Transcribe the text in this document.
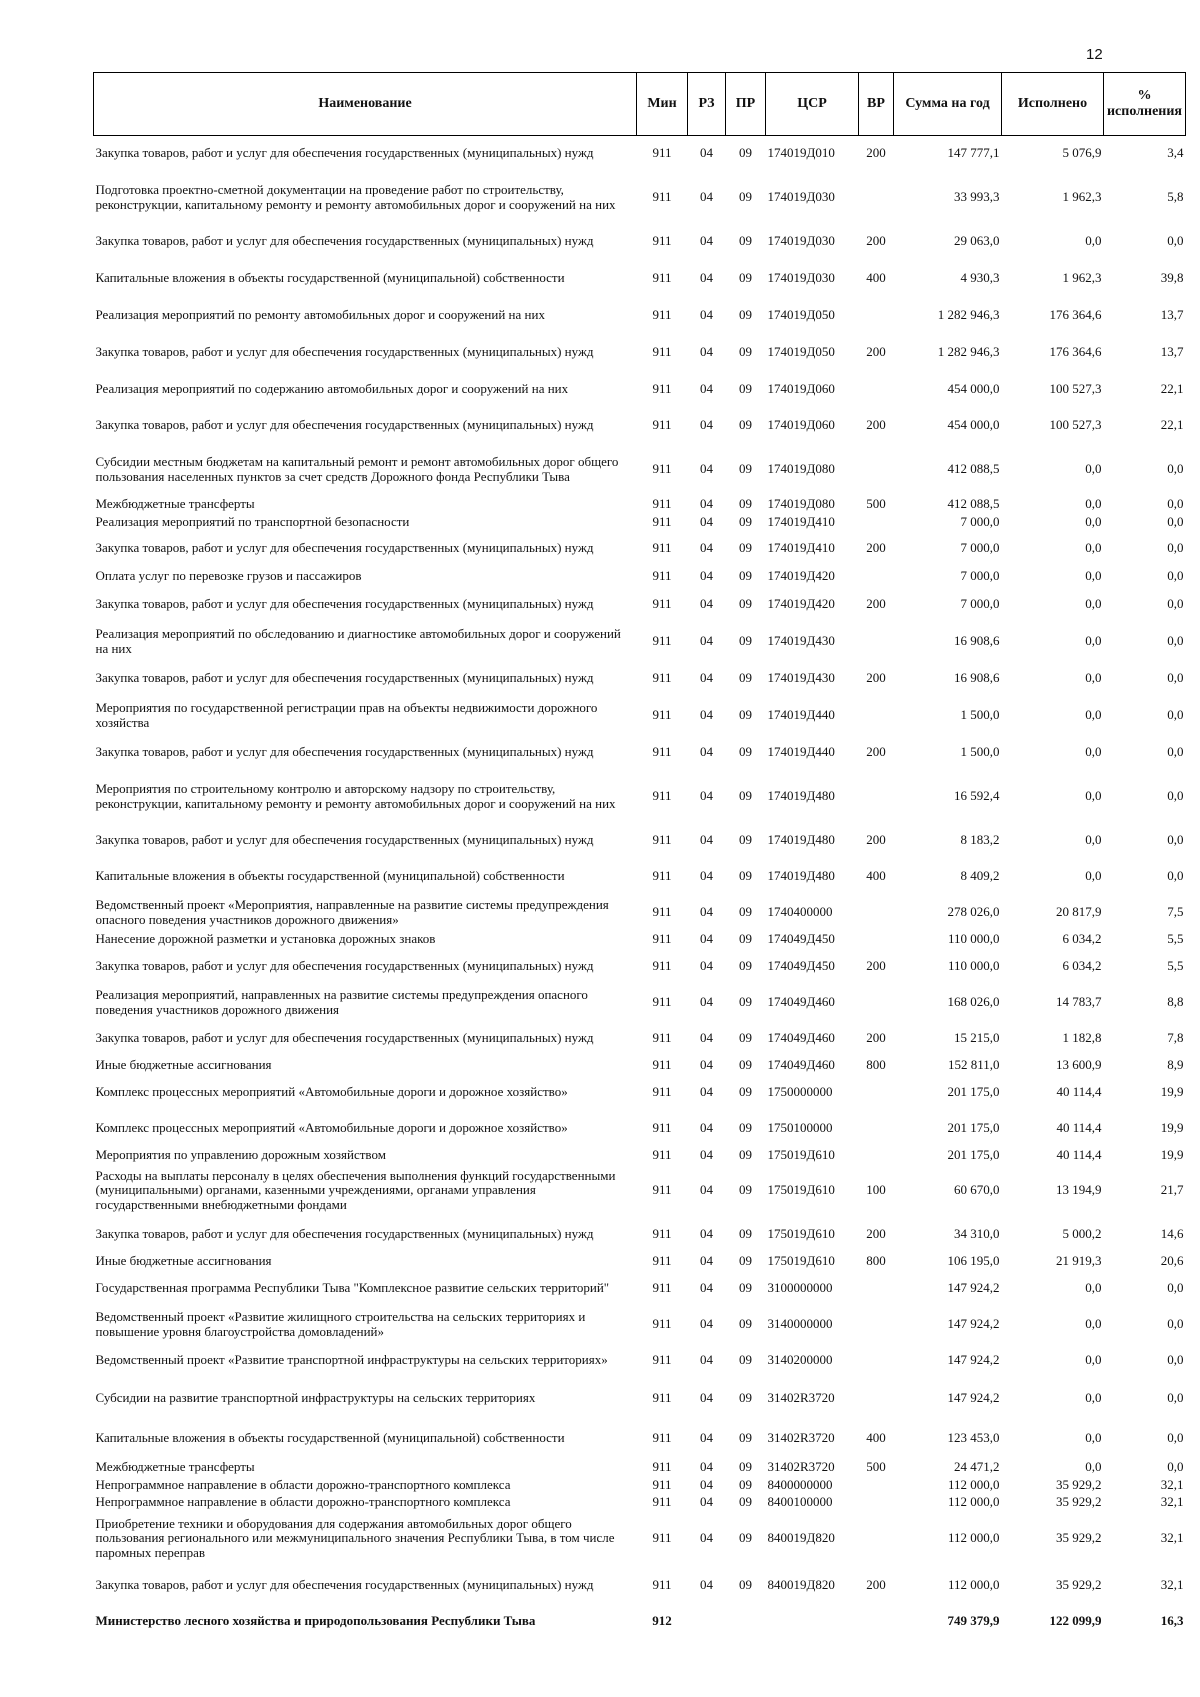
12
Наименование	Мин	РЗ	ПР	ЦСР	ВР	Сумма на год	Исполнено	% исполнения
Закупка товаров, работ и услуг для обеспечения государственных (муниципальных) нужд	911	04	09	174019Д010	200	147 777,1	5 076,9	3,4
Подготовка проектно-сметной документации на проведение работ по строительству, реконструкции, капитальному ремонту и ремонту автомобильных дорог и сооружений на них	911	04	09	174019Д030		33 993,3	1 962,3	5,8
Закупка товаров, работ и услуг для обеспечения государственных (муниципальных) нужд	911	04	09	174019Д030	200	29 063,0	0,0	0,0
Капитальные вложения в объекты государственной (муниципальной) собственности	911	04	09	174019Д030	400	4 930,3	1 962,3	39,8
Реализация мероприятий по ремонту автомобильных дорог и сооружений на них	911	04	09	174019Д050		1 282 946,3	176 364,6	13,7
Закупка товаров, работ и услуг для обеспечения государственных (муниципальных) нужд	911	04	09	174019Д050	200	1 282 946,3	176 364,6	13,7
Реализация мероприятий по содержанию автомобильных дорог и сооружений на них	911	04	09	174019Д060		454 000,0	100 527,3	22,1
Закупка товаров, работ и услуг для обеспечения государственных (муниципальных) нужд	911	04	09	174019Д060	200	454 000,0	100 527,3	22,1
Субсидии местным бюджетам на капитальный ремонт и ремонт автомобильных дорог общего пользования населенных пунктов за счет средств Дорожного фонда Республики Тыва	911	04	09	174019Д080		412 088,5	0,0	0,0
Межбюджетные трансферты	911	04	09	174019Д080	500	412 088,5	0,0	0,0
Реализация мероприятий по транспортной безопасности	911	04	09	174019Д410		7 000,0	0,0	0,0
Закупка товаров, работ и услуг для обеспечения государственных (муниципальных) нужд	911	04	09	174019Д410	200	7 000,0	0,0	0,0
Оплата услуг по перевозке грузов и пассажиров	911	04	09	174019Д420		7 000,0	0,0	0,0
Закупка товаров, работ и услуг для обеспечения государственных (муниципальных) нужд	911	04	09	174019Д420	200	7 000,0	0,0	0,0
Реализация мероприятий по обследованию и диагностике автомобильных дорог и сооружений на них	911	04	09	174019Д430		16 908,6	0,0	0,0
Закупка товаров, работ и услуг для обеспечения государственных (муниципальных) нужд	911	04	09	174019Д430	200	16 908,6	0,0	0,0
Мероприятия по государственной регистрации прав на объекты недвижимости дорожного хозяйства	911	04	09	174019Д440		1 500,0	0,0	0,0
Закупка товаров, работ и услуг для обеспечения государственных (муниципальных) нужд	911	04	09	174019Д440	200	1 500,0	0,0	0,0
Мероприятия по строительному контролю и авторскому надзору по строительству, реконструкции, капитальному ремонту и ремонту автомобильных дорог и сооружений на них	911	04	09	174019Д480		16 592,4	0,0	0,0
Закупка товаров, работ и услуг для обеспечения государственных (муниципальных) нужд	911	04	09	174019Д480	200	8 183,2	0,0	0,0
Капитальные вложения в объекты государственной (муниципальной) собственности	911	04	09	174019Д480	400	8 409,2	0,0	0,0
Ведомственный проект «Мероприятия, направленные на развитие системы предупреждения опасного поведения участников дорожного движения»	911	04	09	1740400000		278 026,0	20 817,9	7,5
Нанесение дорожной разметки и установка дорожных знаков	911	04	09	174049Д450		110 000,0	6 034,2	5,5
Закупка товаров, работ и услуг для обеспечения государственных (муниципальных) нужд	911	04	09	174049Д450	200	110 000,0	6 034,2	5,5
Реализация мероприятий, направленных на развитие системы предупреждения опасного поведения участников дорожного движения	911	04	09	174049Д460		168 026,0	14 783,7	8,8
Закупка товаров, работ и услуг для обеспечения государственных (муниципальных) нужд	911	04	09	174049Д460	200	15 215,0	1 182,8	7,8
Иные бюджетные ассигнования	911	04	09	174049Д460	800	152 811,0	13 600,9	8,9
Комплекс процессных мероприятий «Автомобильные дороги и дорожное хозяйство»	911	04	09	1750000000		201 175,0	40 114,4	19,9
Комплекс процессных мероприятий «Автомобильные дороги и дорожное хозяйство»	911	04	09	1750100000		201 175,0	40 114,4	19,9
Мероприятия по управлению дорожным хозяйством	911	04	09	175019Д610		201 175,0	40 114,4	19,9
Расходы на выплаты персоналу в целях обеспечения выполнения функций государственными (муниципальными) органами, казенными учреждениями, органами управления государственными внебюджетными фондами	911	04	09	175019Д610	100	60 670,0	13 194,9	21,7
Закупка товаров, работ и услуг для обеспечения государственных (муниципальных) нужд	911	04	09	175019Д610	200	34 310,0	5 000,2	14,6
Иные бюджетные ассигнования	911	04	09	175019Д610	800	106 195,0	21 919,3	20,6
Государственная программа Республики Тыва "Комплексное развитие сельских территорий"	911	04	09	3100000000		147 924,2	0,0	0,0
Ведомственный проект «Развитие жилищного строительства на сельских территориях и повышение уровня благоустройства домовладений»	911	04	09	3140000000		147 924,2	0,0	0,0
Ведомственный проект «Развитие транспортной инфраструктуры на сельских территориях»	911	04	09	3140200000		147 924,2	0,0	0,0
Субсидии на развитие транспортной инфраструктуры на сельских территориях	911	04	09	31402R3720		147 924,2	0,0	0,0
Капитальные вложения в объекты государственной (муниципальной) собственности	911	04	09	31402R3720	400	123 453,0	0,0	0,0
Межбюджетные трансферты	911	04	09	31402R3720	500	24 471,2	0,0	0,0
Непрограммное направление в области дорожно-транспортного комплекса	911	04	09	8400000000		112 000,0	35 929,2	32,1
Непрограммное направление в области дорожно-транспортного комплекса	911	04	09	8400100000		112 000,0	35 929,2	32,1
Приобретение техники и оборудования для содержания автомобильных дорог общего пользования регионального или межмуниципального значения Республики Тыва, в том числе паромных переправ	911	04	09	840019Д820		112 000,0	35 929,2	32,1
Закупка товаров, работ и услуг для обеспечения государственных (муниципальных) нужд	911	04	09	840019Д820	200	112 000,0	35 929,2	32,1
Министерство лесного хозяйства и природопользования Республики Тыва	912					749 379,9	122 099,9	16,3
